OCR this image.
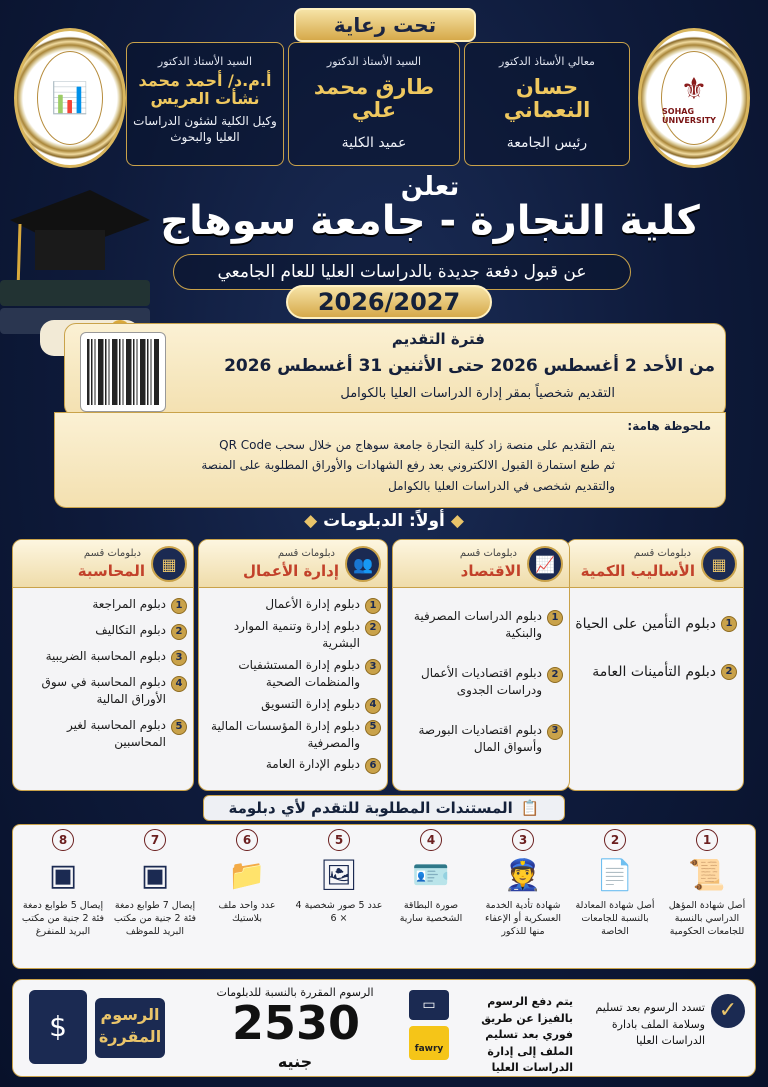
تحت رعاية
⚜
SOHAG UNIVERSITY
📊
معالي الأستاذ الدكتور
حسان النعماني
رئيس الجامعة
السيد الأستاذ الدكتور
طارق محمد علي
عميد الكلية
السيد الأستاذ الدكتور
أ.م.د/ أحمد محمد نشأت العريس
وكيل الكلية لشئون الدراسات العليا والبحوث
تعلن
كلية التجارة - جامعة سوهاج
عن قبول دفعة جديدة بالدراسات العليا للعام الجامعي
2026/2027
فترة التقديم
من الأحد 2 أغسطس 2026 حتى الأثنين 31 أغسطس 2026
التقديم شخصياً بمقر إدارة الدراسات العليا بالكوامل
ملحوظة هامة:
يتم التقديم على منصة زاد كلية التجارة جامعة سوهاج من خلال سحب QR Code
ثم طبع استمارة القبول الالكتروني بعد رفع الشهادات والأوراق المطلوبة على المنصة
والتقديم شخصى في الدراسات العليا بالكوامل
◆ أولاً: الدبلومات ◆
دبلومات قسم
الأساليب الكمية	▦
1
دبلوم التأمين على الحياة
2
دبلوم التأمينات العامة
دبلومات قسم
الاقتصاد 📈
1
دبلوم الدراسات المصرفية والبنكية
2
دبلوم اقتصاديات الأعمال ودراسات الجدوى
3
دبلوم اقتصاديات البورصة وأسواق المال
دبلومات قسم
إدارة الأعمال 👥
1
دبلوم إدارة الأعمال
2
دبلوم إدارة وتنمية الموارد البشرية
3
دبلوم إدارة المستشفيات والمنظمات الصحية
4
دبلوم إدارة التسويق
5
دبلوم إدارة المؤسسات المالية والمصرفية
6
دبلوم الإدارة العامة
دبلومات قسم
المحاسبة	▦
1
دبلوم المراجعة
2
دبلوم التكاليف
3
دبلوم المحاسبة الضريبية
4
دبلوم المحاسبة في سوق الأوراق المالية
5
دبلوم المحاسبة لغير المحاسبين
📋
المستندات المطلوبة للتقدم لأي دبلومة
1
📜
أصل شهادة المؤهل الدراسي بالنسبة للجامعات الحكومية
2
📄
أصل شهادة المعادلة بالنسبة للجامعات الخاصة
3
👮
شهادة تأدية الخدمة العسكرية أو الإعفاء منها للذكور
4
🪪
صورة البطاقة الشخصية سارية
5
🖼
عدد 5 صور شخصية 4 × 6
6
📁
عدد واحد ملف بلاستيك
7
▣
إيصال 7 طوابع دمغة فئة 2 جنية من مكتب البريد للموظف
8
▣
إيصال 5 طوابع دمغة فئة 2 جنية من مكتب البريد للمنفرغ
✓
تسدد الرسوم بعد تسليم وسلامة الملف بادارة الدراسات العليا
▭
fawry
يتم دفع الرسوم بالفيزا عن طريق فوري بعد تسليم الملف إلى إدارة الدراسات العليا
الرسوم المقررة بالنسبة للدبلومات
2530
جنيه
الرسوم المقررة
$
